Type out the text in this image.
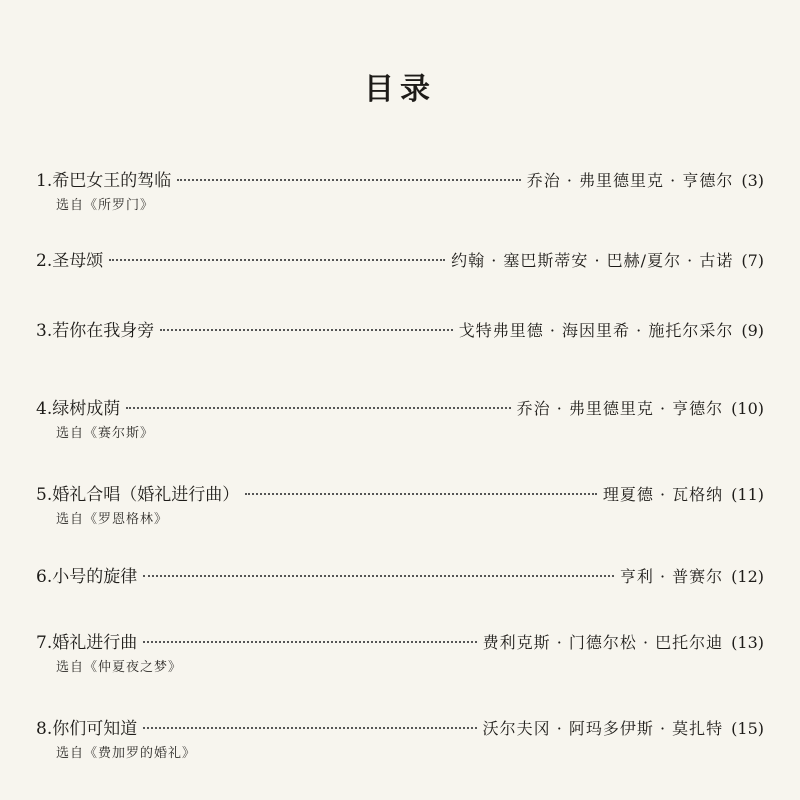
目录
1. 希巴女王的驾临	乔治 · 弗里德里克 · 亨德尔 (3)
选自《所罗门》
2. 圣母颂	约翰 · 塞巴斯蒂安 · 巴赫/夏尔 · 古诺 (7)
3. 若你在我身旁	戈特弗里德 · 海因里希 · 施托尔采尔 (9)
4. 绿树成荫	乔治 · 弗里德里克 · 亨德尔 (10)
选自《赛尔斯》
5. 婚礼合唱（婚礼进行曲）	理夏德 · 瓦格纳 (11)
选自《罗恩格林》
6. 小号的旋律	亨利 · 普赛尔 (12)
7. 婚礼进行曲	费利克斯 · 门德尔松 · 巴托尔迪 (13)
选自《仲夏夜之梦》
8. 你们可知道	沃尔夫冈 · 阿玛多伊斯 · 莫扎特 (15)
选自《费加罗的婚礼》
